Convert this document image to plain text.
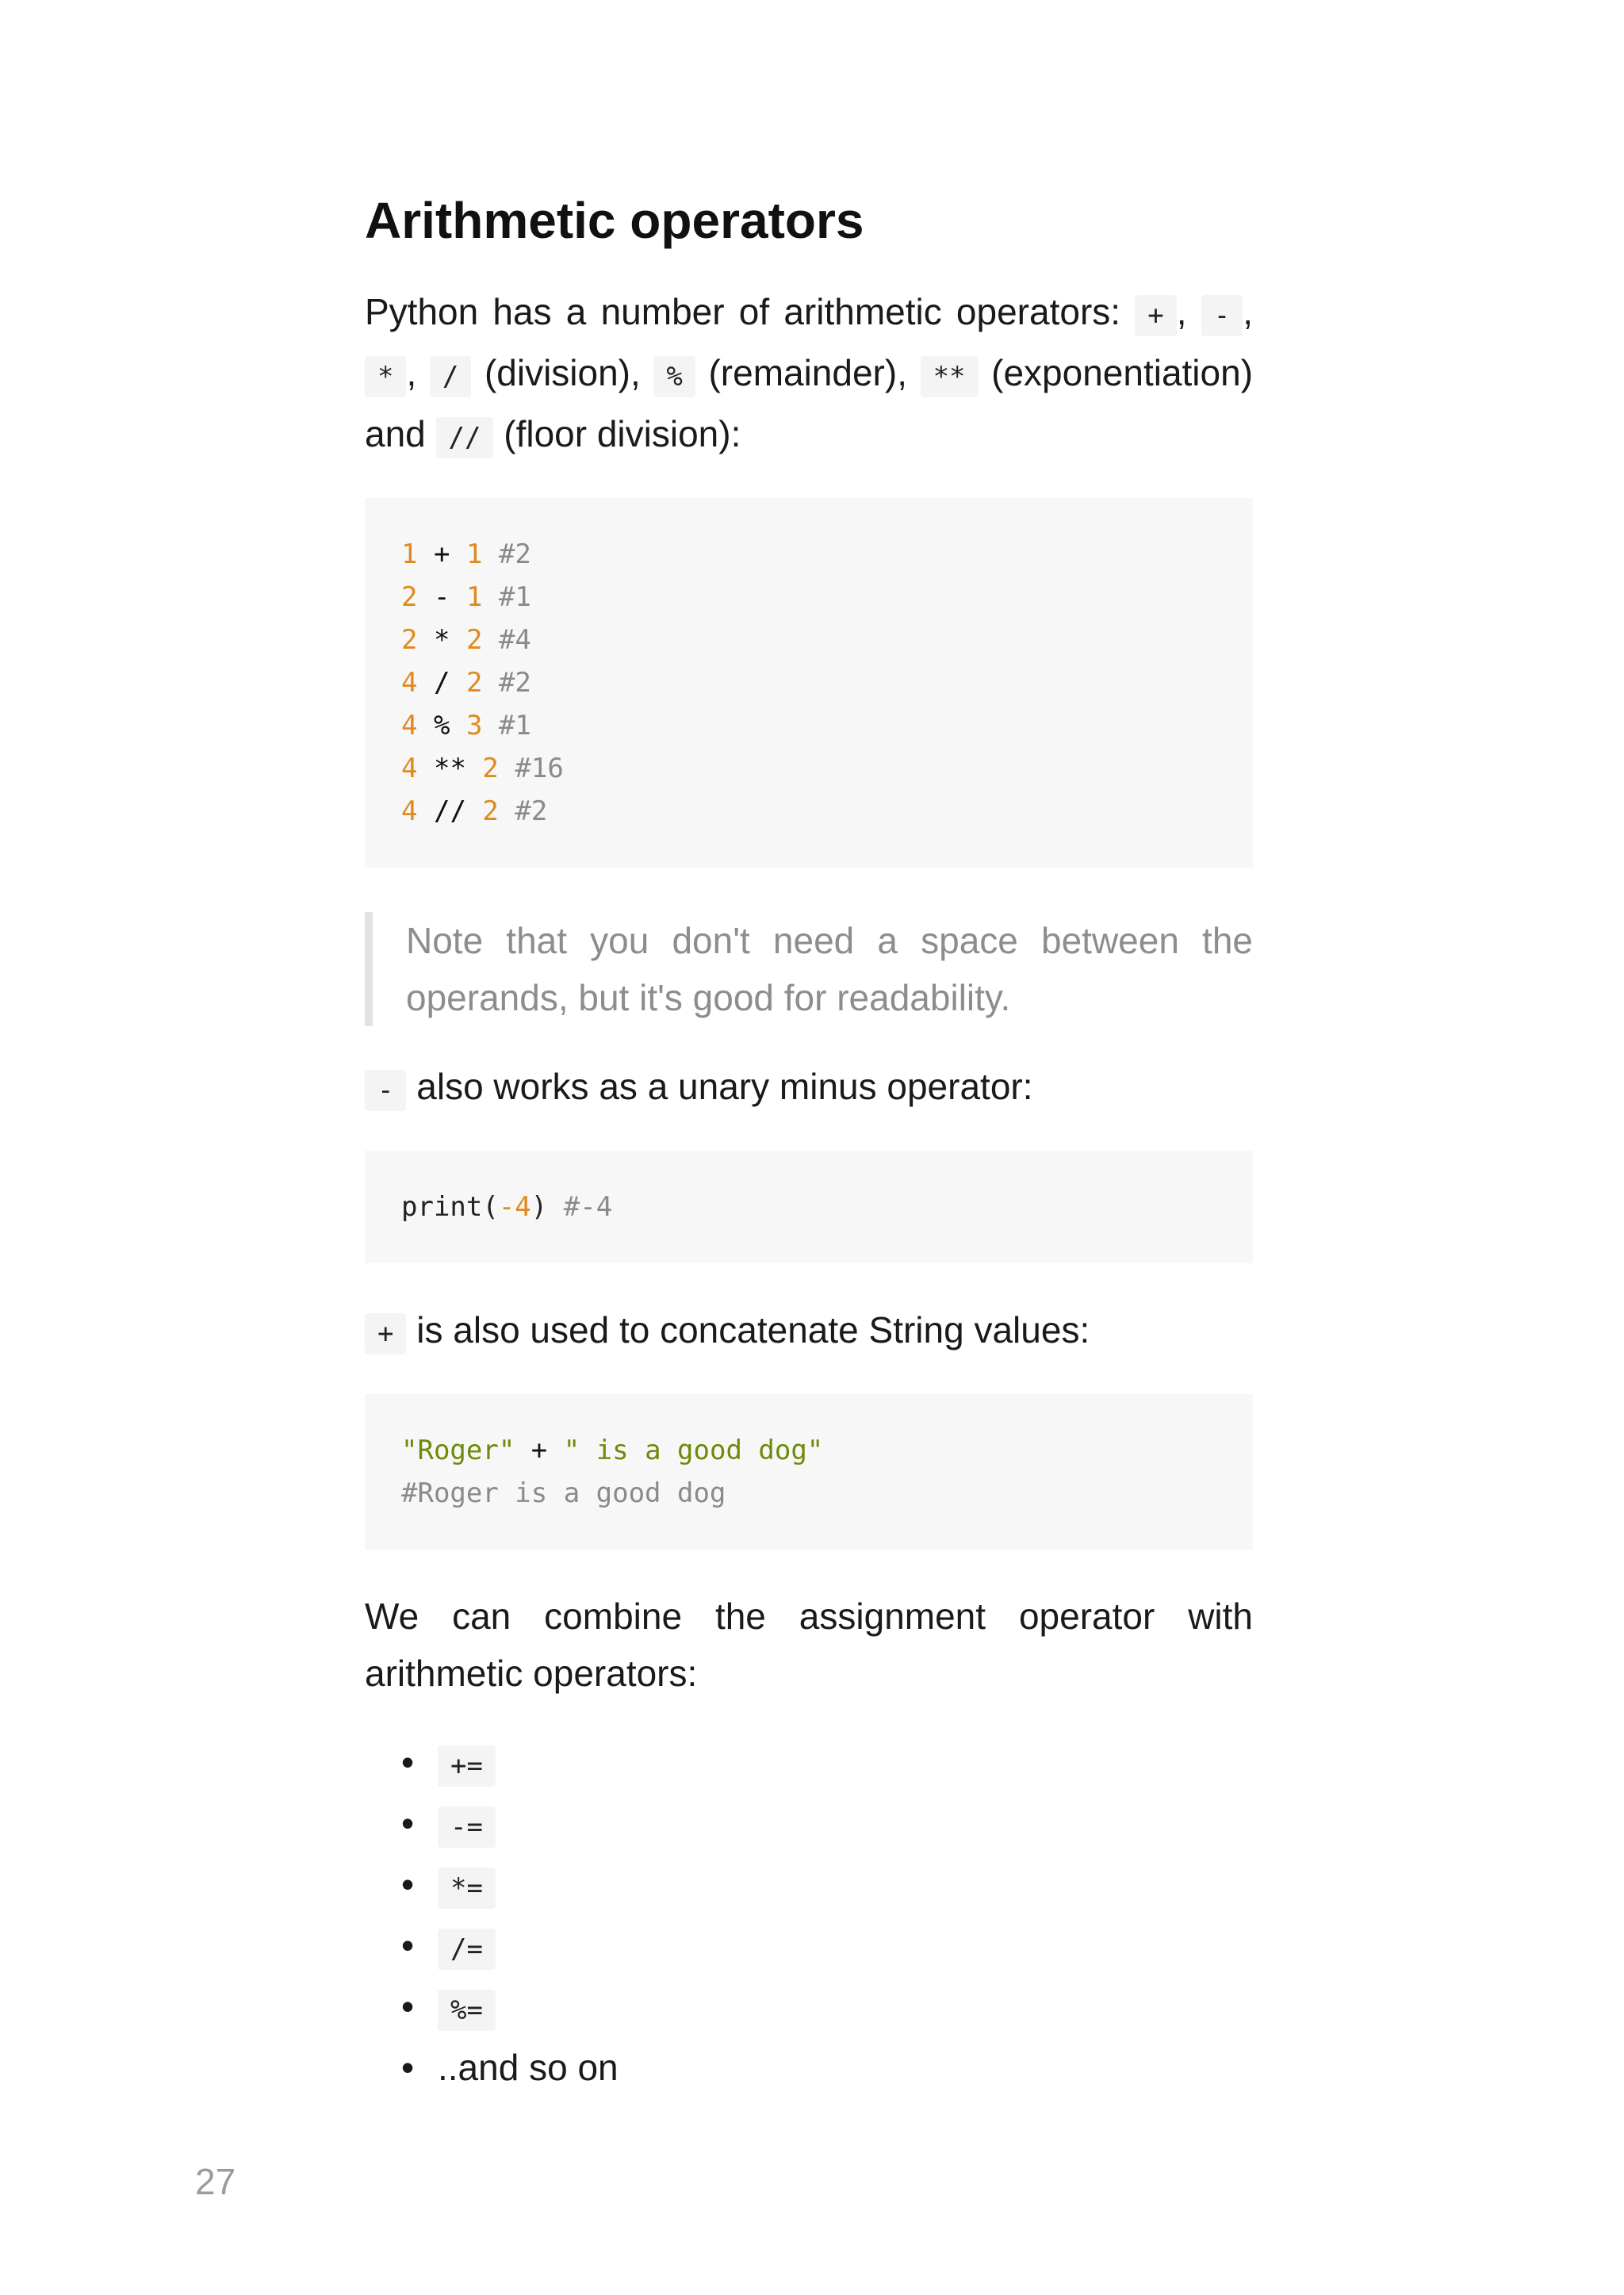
Arithmetic operators

Python has a number of arithmetic operators: + , - , * , / (division), % (remainder), ** (exponentiation) and // (floor division):

1 + 1 #2
2 - 1 #1
2 * 2 #4
4 / 2 #2
4 % 3 #1
4 ** 2 #16
4 // 2 #2
Note that you don't need a space between the operands, but it's good for readability.

- also works as a unary minus operator:

print(-4) #-4

+ is also used to concatenate String values:

"Roger" + " is a good dog"
#Roger is a good dog

We can combine the assignment operator with arithmetic operators:

• +=
• -=
• *=
• /=
• %=
• ..and so on
27
